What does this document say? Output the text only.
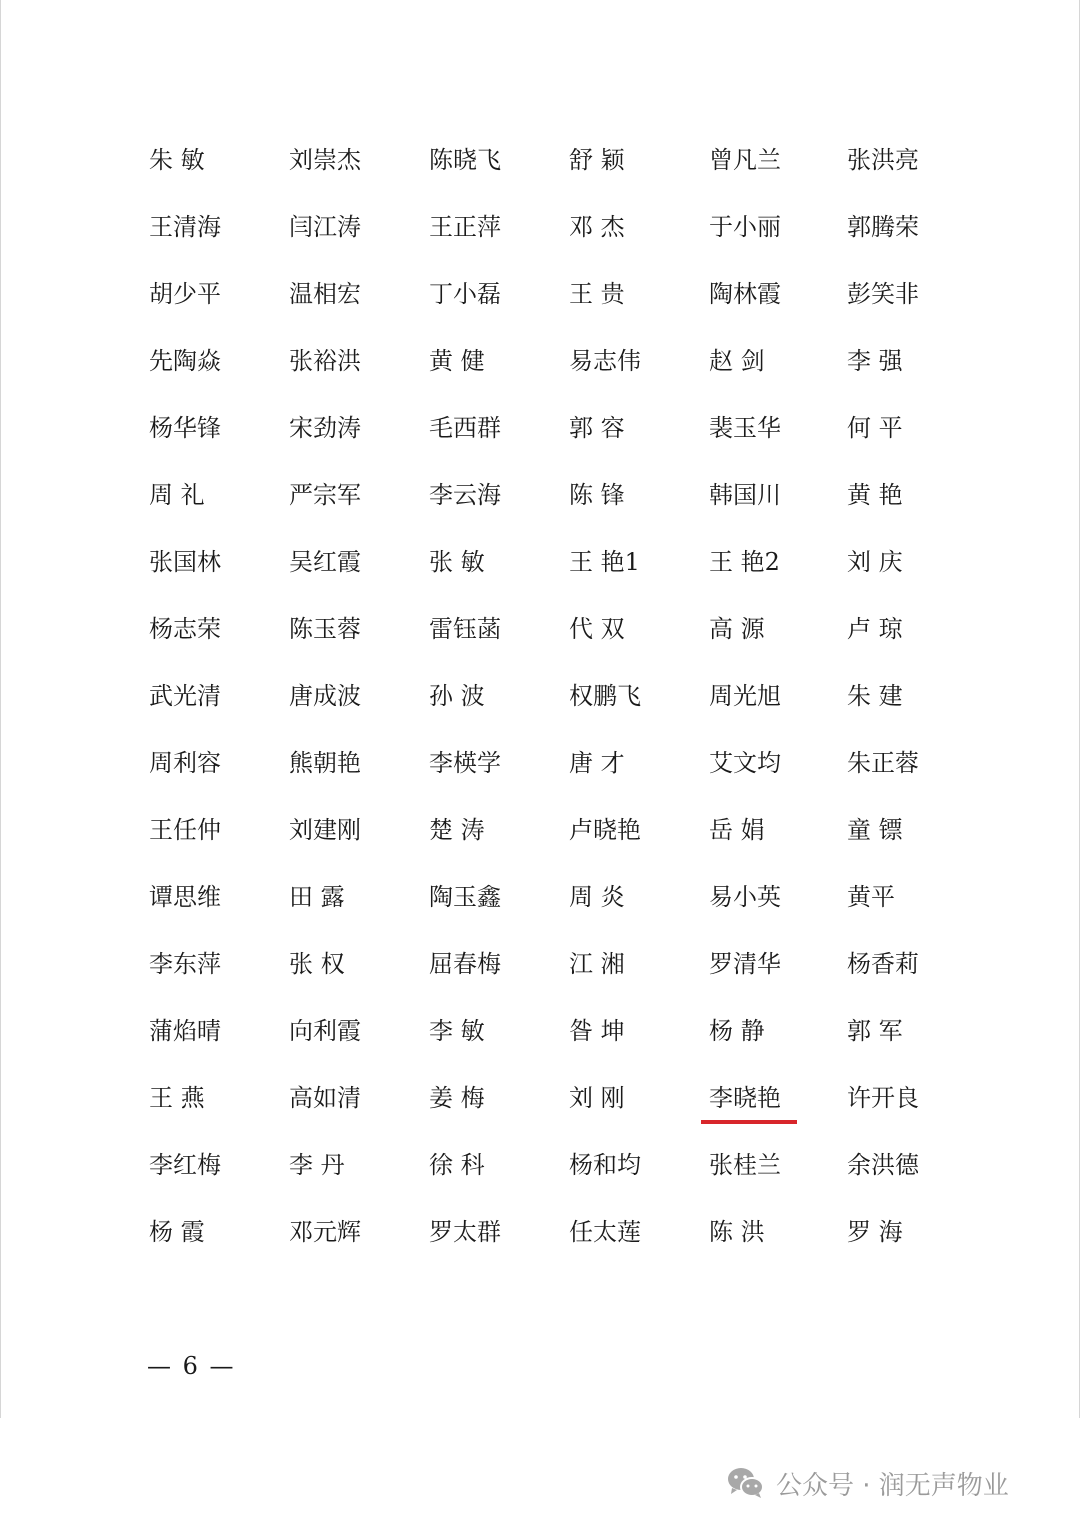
朱 敏	刘崇杰	陈晓飞	舒 颖	曾凡兰	张洪亮
王清海	闫江涛	王正萍	邓 杰	于小丽	郭腾荣
胡少平	温相宏	丁小磊	王 贵	陶林霞	彭笑非
先陶焱	张裕洪	黄 健	易志伟	赵 剑	李 强
杨华锋	宋劲涛	毛西群	郭 容	裴玉华	何 平
周 礼	严宗军	李云海	陈 锋	韩国川	黄 艳
张国林	吴红霞	张 敏	王 艳1	王 艳2	刘 庆
杨志荣	陈玉蓉	雷钰菡	代 双	高 源	卢 琼
武光清	唐成波	孙 波	权鹏飞	周光旭	朱 建
周利容	熊朝艳	李楧学	唐 才	艾文均	朱正蓉
王任仲	刘建刚	楚 涛	卢晓艳	岳 娟	童 镖
谭思维	田 露	陶玉鑫	周 炎	易小英	黄平
李东萍	张 权	屈春梅	江 湘	罗清华	杨香莉
蒲焰晴	向利霞	李 敏	昝 坤	杨 静	郭 军
王 燕	高如清	姜 梅	刘 刚	李晓艳	许开良
李红梅	李 丹	徐 科	杨和均	张桂兰	余洪德
杨 霞	邓元辉	罗太群	任太莲	陈 洪	罗 海
— 6 —
公众号 · 润无声物业
